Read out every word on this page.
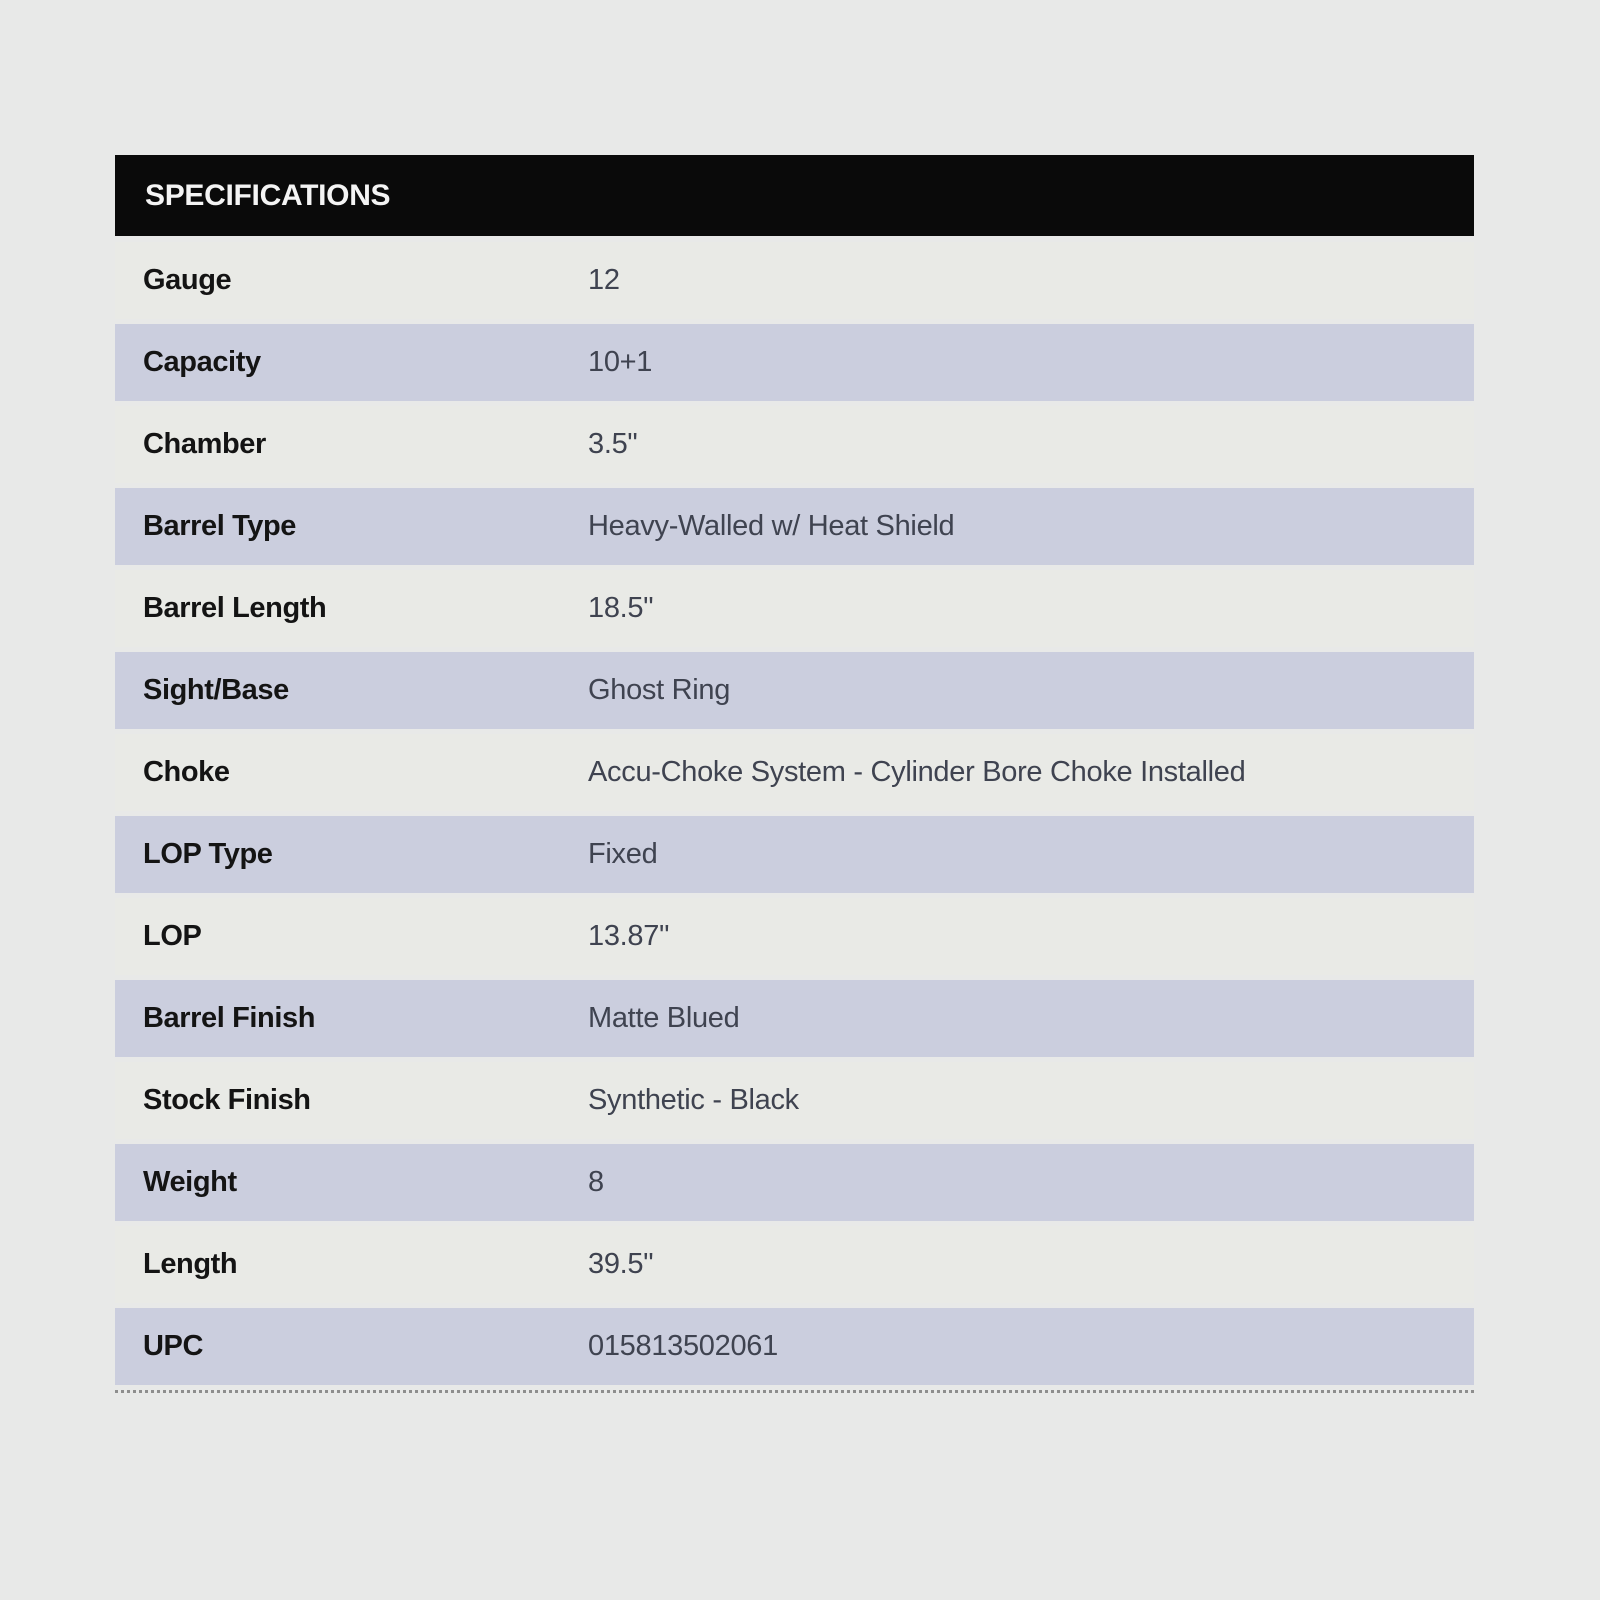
SPECIFICATIONS
Gauge	12
Capacity	10+1
Chamber	3.5"
Barrel Type	Heavy-Walled w/ Heat Shield
Barrel Length	18.5"
Sight/Base	Ghost Ring
Choke	Accu-Choke System - Cylinder Bore Choke Installed
LOP Type	Fixed
LOP	13.87"
Barrel Finish	Matte Blued
Stock Finish	Synthetic - Black
Weight	8
Length	39.5"
UPC	015813502061
